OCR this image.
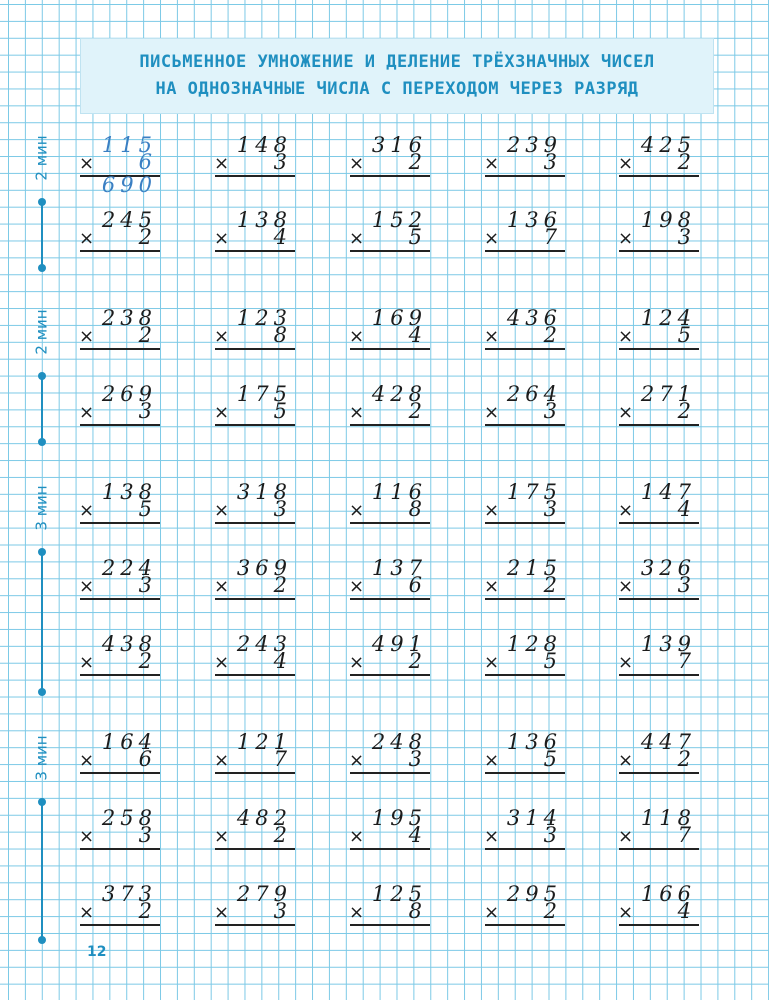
ПИСЬМЕННОЕ УМНОЖЕНИЕ И ДЕЛЕНИЕ ТРЁХЗНАЧНЫХ ЧИСЕЛ
НА ОДНОЗНАЧНЫЕ ЧИСЛА С ПЕРЕХОДОМ ЧЕРЕЗ РАЗРЯД
2 мин
2 мин
3 мин
3 мин
×
115
6
690
×
148
3	×
316
2	×
239
3	×
425
2
×
245
2	×
138
4	×
152
5	×
136
7	×
198
3
×
238
2	×
123
8	×
169
4	×
436
2	×
124
5
×
269
3	×
175
5	×
428
2	×
264
3	×
271
2
×
138
5	×
318
3	×
116
8	×
175
3	×
147
4
×
224
3	×
369
2	×
137
6	×
215
2	×
326
3
×
438
2	×
243
4	×
491
2	×
128
5	×
139
7
×
164
6	×
121
7	×
248
3	×
136
5	×
447
2
×
258
3	×
482
2	×
195
4	×
314
3	×
118
7
×
373
2	×
279
3	×
125
8	×
295
2	×
166
4
12
